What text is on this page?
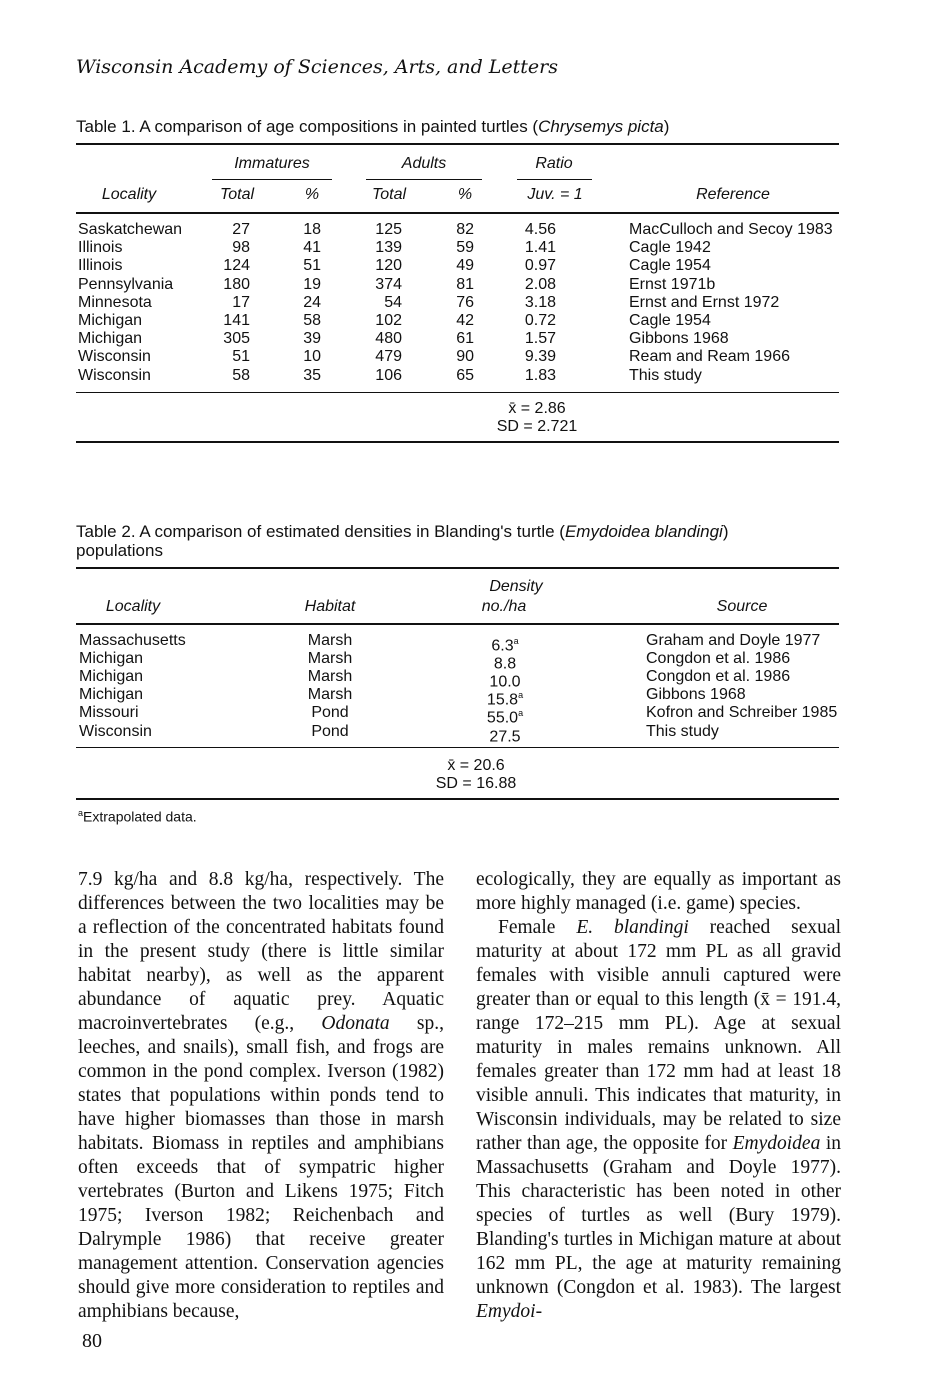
Wisconsin Academy of Sciences, Arts, and Letters
Table 1. A comparison of age compositions in painted turtles (Chrysemys picta)
Immatures	Adults	Ratio
Locality	Total	%	Total	%	Juv. = 1	Reference
Saskatchewan	27	18	125	82	4.56	MacCulloch and Secoy 1983
Illinois	98	41	139	59	1.41	Cagle 1942
Illinois	124	51	120	49	0.97	Cagle 1954
Pennsylvania	180	19	374	81	2.08	Ernst 1971b
Minnesota	17	24	54	76	3.18	Ernst and Ernst 1972
Michigan	141	58	102	42	0.72	Cagle 1954
Michigan	305	39	480	61	1.57	Gibbons 1968
Wisconsin	51	10	479	90	9.39	Ream and Ream 1966
Wisconsin	58	35	106	65	1.83	This study
x̄ = 2.86
SD = 2.721
Table 2. A comparison of estimated densities in Blanding's turtle (Emydoidea blandingi)
populations
Density
Locality	Habitat	no./ha	Source
Massachusetts	Marsh	6.3$^a$	Graham and Doyle 1977
Michigan	Marsh	8.8	Congdon et al. 1986
Michigan	Marsh	10.0	Congdon et al. 1986
Michigan	Marsh	15.8$^a$	Gibbons 1968
Missouri	Pond	55.0$^a$	Kofron and Schreiber 1985
Wisconsin	Pond	27.5	This study
x̄ = 20.6
SD = 16.88
$^a$Extrapolated data.

7.9 kg/ha and 8.8 kg/ha, respectively. The differences between the two localities may be a reflection of the concentrated habitats found in the present study (there is little similar habitat nearby), as well as the apparent abundance of aquatic prey. Aquatic macroinvertebrates (e.g., Odonata sp., leeches, and snails), small fish, and frogs are common in the pond complex. Iverson (1982) states that populations within ponds tend to have higher biomasses than those in marsh habitats. Biomass in reptiles and amphibians often exceeds that of sympatric higher vertebrates (Burton and Likens 1975; Fitch 1975; Iverson 1982; Reichenbach and Dalrymple 1986) that receive greater management attention. Conservation agencies should give more consideration to reptiles and amphibians because,

ecologically, they are equally as important as more highly managed (i.e. game) species.

Female E. blandingi reached sexual maturity at about 172 mm PL as all gravid females with visible annuli captured were greater than or equal to this length (x̄ = 191.4, range 172–215 mm PL). Age at sexual maturity in males remains unknown. All females greater than 172 mm had at least 18 visible annuli. This indicates that maturity, in Wisconsin individuals, may be related to size rather than age, the opposite for Emydoidea in Massachusetts (Graham and Doyle 1977). This characteristic has been noted in other species of turtles as well (Bury 1979). Blanding's turtles in Michigan mature at about 162 mm PL, the age at maturity remaining unknown (Congdon et al. 1983). The largest Emydoi-

80
